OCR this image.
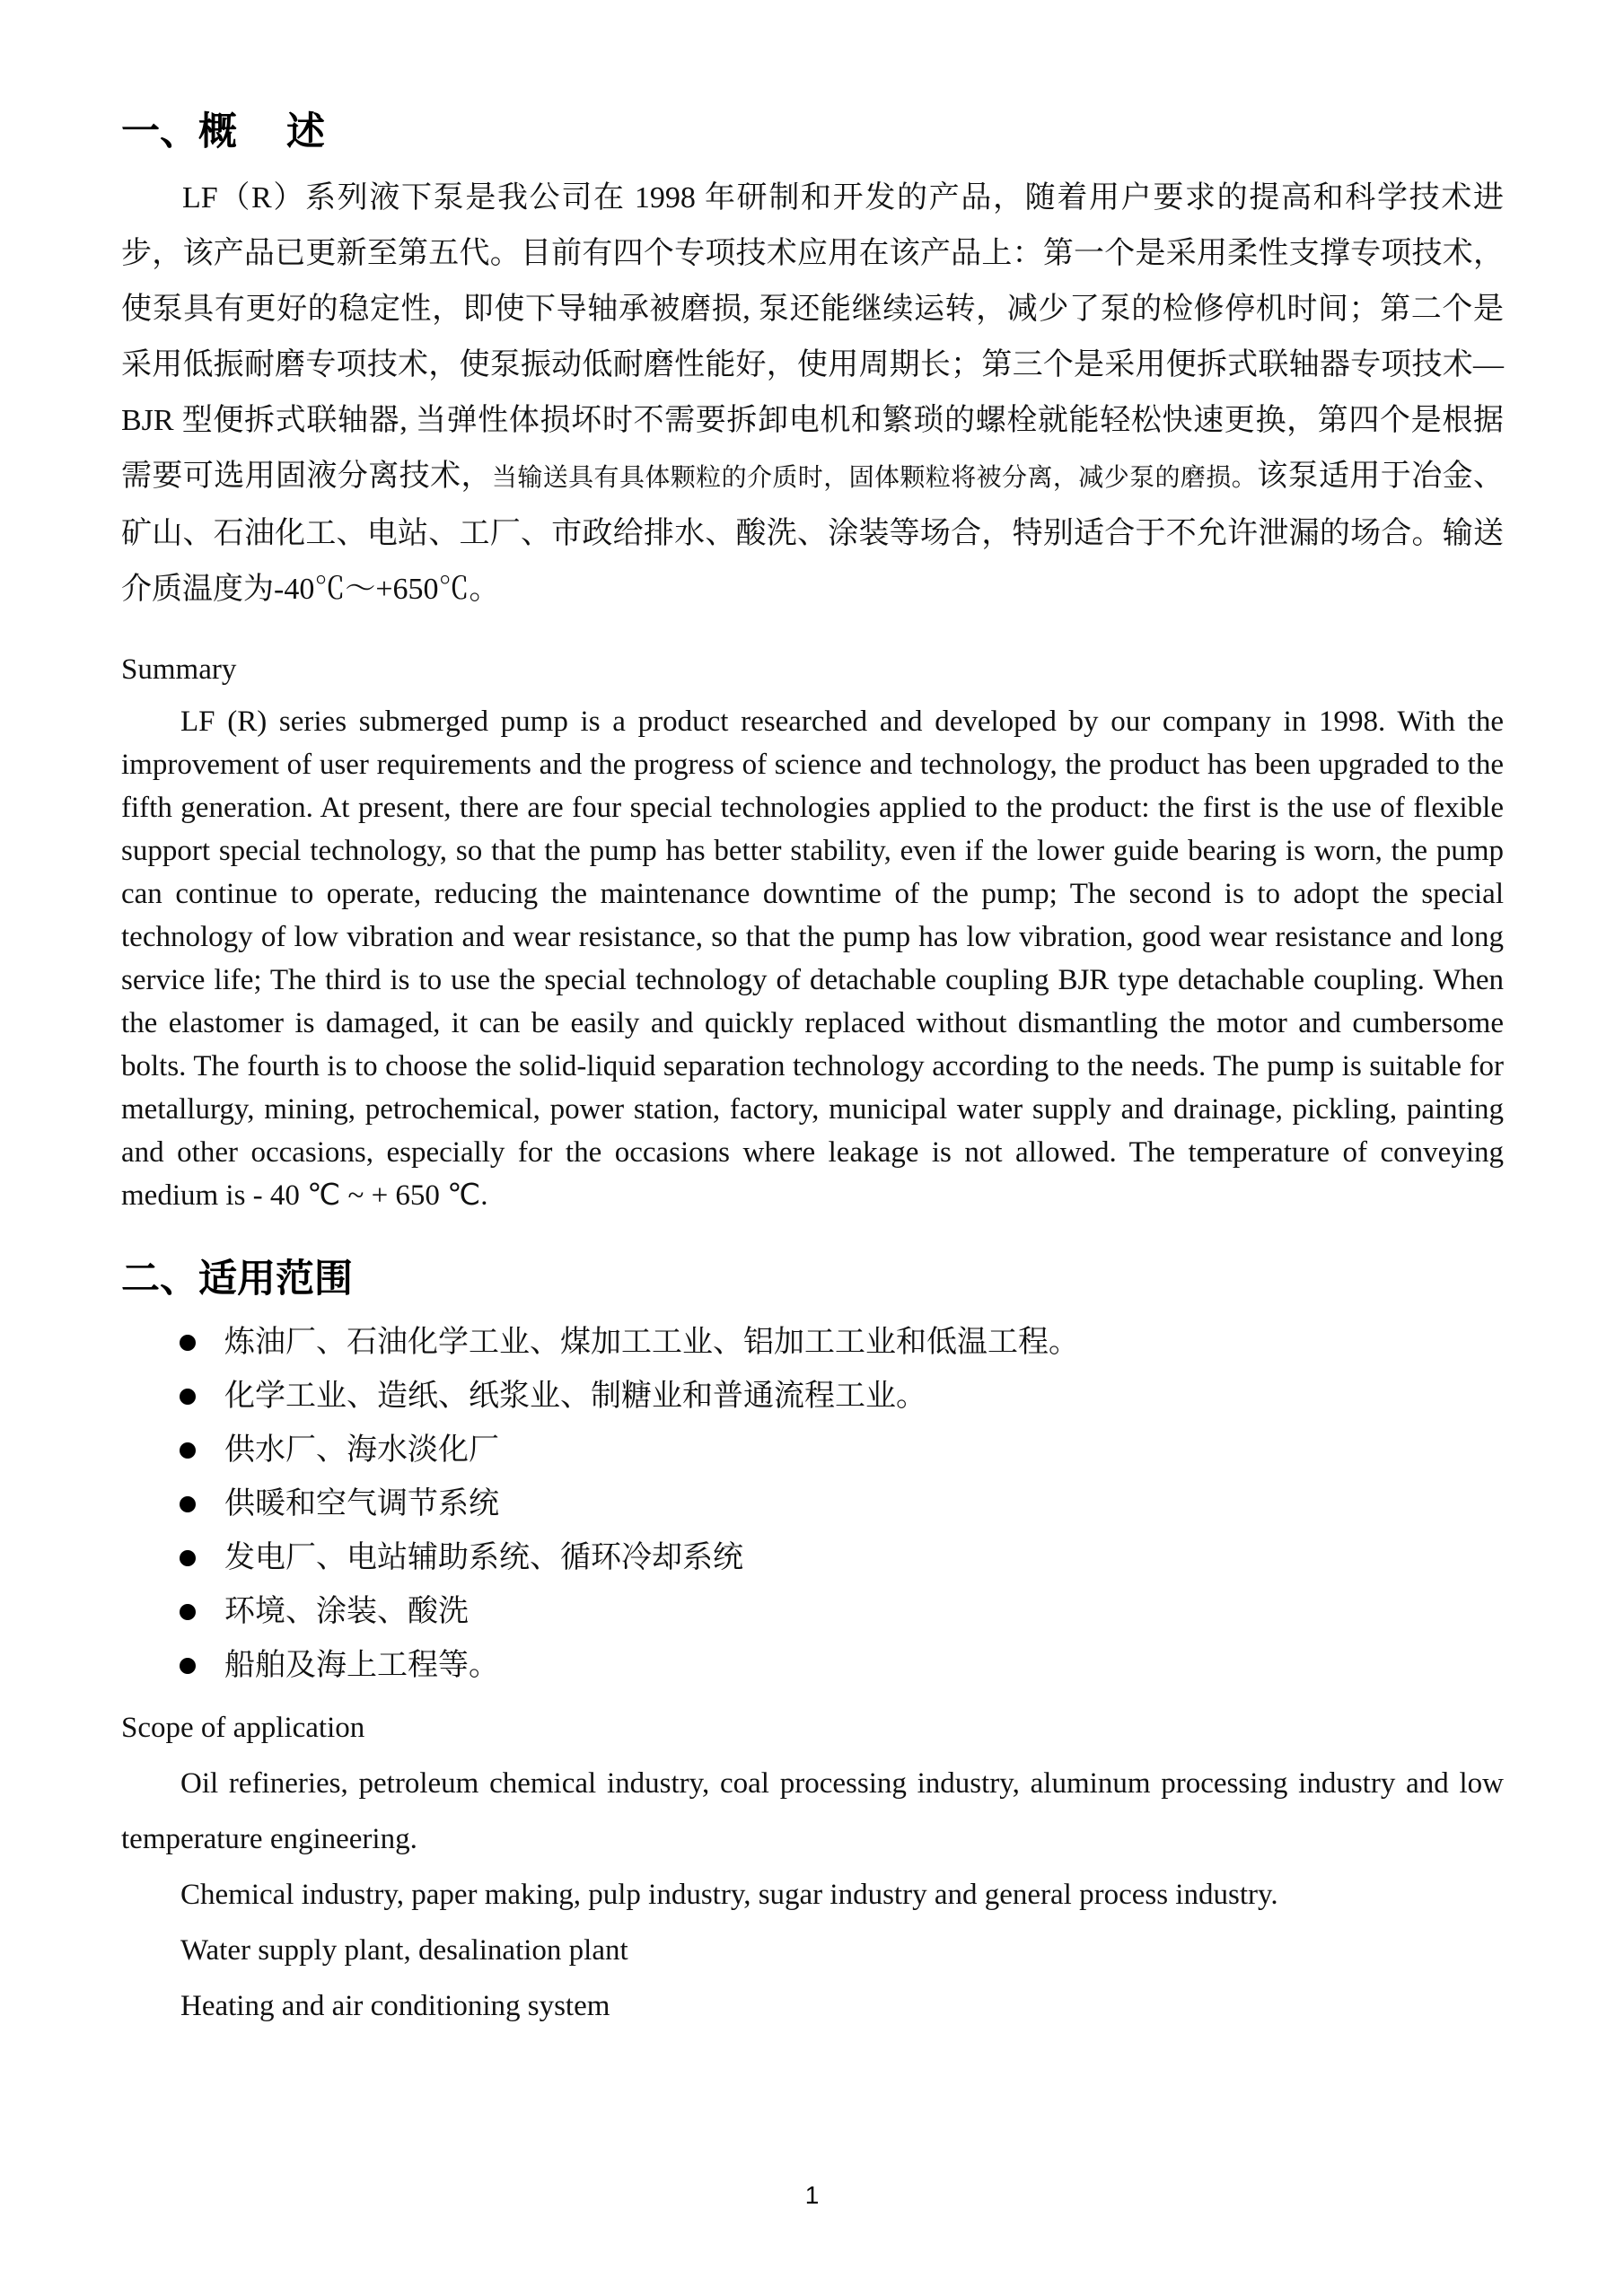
一、概　 述

LF（R）系列液下泵是我公司在 1998 年研制和开发的产品，随着用户要求的提高和科学技术进步，该产品已更新至第五代。目前有四个专项技术应用在该产品上：第一个是采用柔性支撑专项技术，使泵具有更好的稳定性，即使下导轴承被磨损, 泵还能继续运转，减少了泵的检修停机时间；第二个是采用低振耐磨专项技术，使泵振动低耐磨性能好，使用周期长；第三个是采用便拆式联轴器专项技术—BJR 型便拆式联轴器, 当弹性体损坏时不需要拆卸电机和繁琐的螺栓就能轻松快速更换，第四个是根据需要可选用固液分离技术，当输送具有具体颗粒的介质时，固体颗粒将被分离，减少泵的磨损。该泵适用于冶金、矿山、石油化工、电站、工厂、市政给排水、酸洗、涂装等场合，特别适合于不允许泄漏的场合。输送介质温度为-40℃～+650℃。

Summary

LF (R) series submerged pump is a product researched and developed by our company in 1998. With the improvement of user requirements and the progress of science and technology, the product has been upgraded to the fifth generation. At present, there are four special technologies applied to the product: the first is the use of flexible support special technology, so that the pump has better stability, even if the lower guide bearing is worn, the pump can continue to operate, reducing the maintenance downtime of the pump; The second is to adopt the special technology of low vibration and wear resistance, so that the pump has low vibration, good wear resistance and long service life; The third is to use the special technology of detachable coupling BJR type detachable coupling. When the elastomer is damaged, it can be easily and quickly replaced without dismantling the motor and cumbersome bolts. The fourth is to choose the solid-liquid separation technology according to the needs. The pump is suitable for metallurgy, mining, petrochemical, power station, factory, municipal water supply and drainage, pickling, painting and other occasions, especially for the occasions where leakage is not allowed. The temperature of conveying medium is - 40 ℃ ~ + 650 ℃.

二、适用范围
炼油厂、石油化学工业、煤加工工业、铝加工工业和低温工程。
化学工业、造纸、纸浆业、制糖业和普通流程工业。
供水厂、海水淡化厂
供暖和空气调节系统
发电厂、电站辅助系统、循环冷却系统
环境、涂装、酸洗
船舶及海上工程等。

Scope of application

Oil refineries, petroleum chemical industry, coal processing industry, aluminum processing industry and low temperature engineering.

Chemical industry, paper making, pulp industry, sugar industry and general process industry.

Water supply plant, desalination plant

Heating and air conditioning system

1
